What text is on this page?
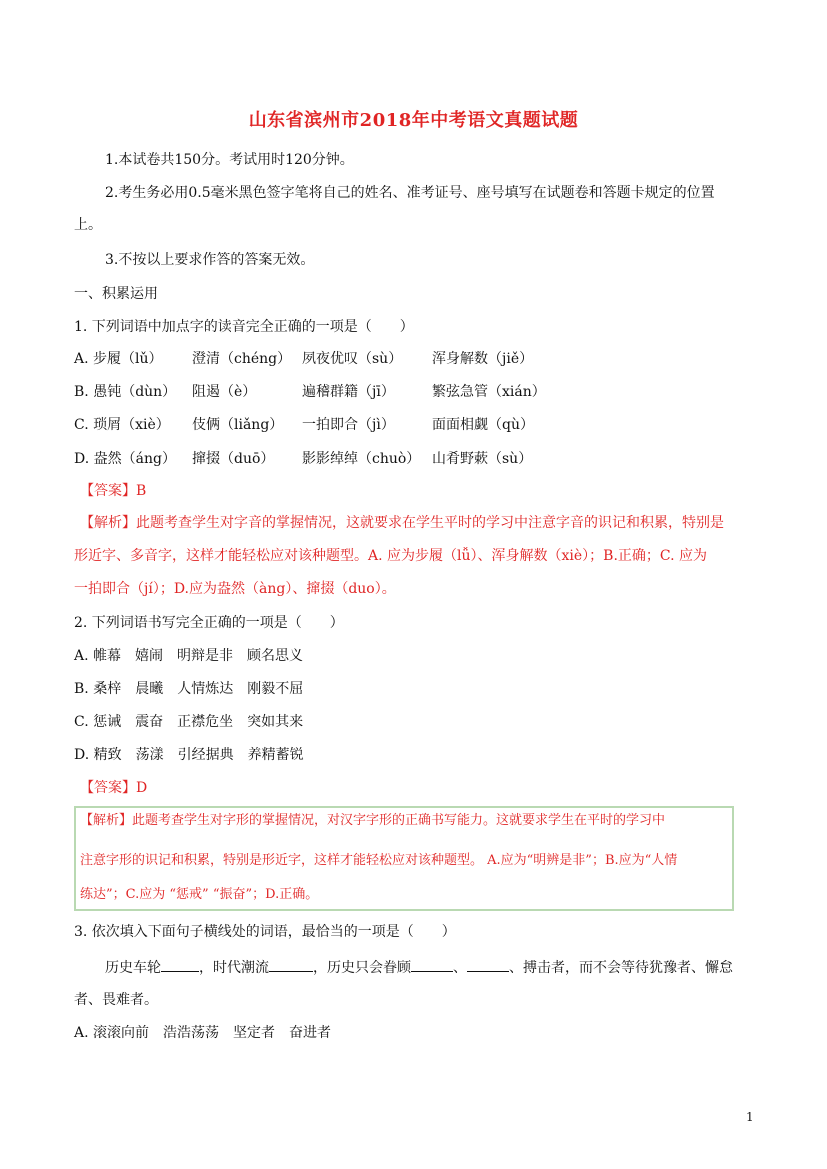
山东省滨州市2018年中考语文真题试题
1.本试卷共150分。考试用时120分钟。
2.考生务必用0.5毫米黑色签字笔将自己的姓名、准考证号、座号填写在试题卷和答题卡规定的位置
上。
3.不按以上要求作答的答案无效。
一、积累运用
1. 下列词语中加点字的读音完全正确的一项是（　　）
A. 步履（lǔ） 澄清（chéng） 夙夜优叹（sù） 浑身解数（jiě）
B. 愚钝（dùn） 阻遏（è）	遍稽群籍（jī）	繁弦急管（xián）
C. 琐屑（xiè） 伎俩（liǎng） 一拍即合（jì）	面面相觑（qù）
D. 盎然（áng） 撺掇（duō） 影影绰绰（chuò） 山肴野蔌（sù）
【答案】B
【解析】此题考查学生对字音的掌握情况，这就要求在学生平时的学习中注意字音的识记和积累，特别是
形近字、多音字，这样才能轻松应对该种题型。A. 应为步履（lǚ）、浑身解数（xiè）；B.正确；C. 应为
一拍即合（jí）；D.应为盎然（àng）、撺掇（duo）。
2. 下列词语书写完全正确的一项是（　　）
A. 帷幕　嬉闹　明辩是非　顾名思义
B. 桑梓　晨曦　人情炼达　刚毅不屈
C. 惩诫　震奋　正襟危坐　突如其来
D. 精致　荡漾　引经据典　养精蓄锐
【答案】D
【解析】此题考查学生对字形的掌握情况，对汉字字形的正确书写能力。这就要求学生在平时的学习中
注意字形的识记和积累，特别是形近字，这样才能轻松应对该种题型。 A.应为“明辨是非”；B.应为“人情
练达”；C.应为 “惩戒” “振奋”；D.正确。
3. 依次填入下面句子横线处的词语，最恰当的一项是（　　）
历史车轮	，时代潮流	，历史只会眷顾	、	、搏击者，而不会等待犹豫者、懈怠
者、畏难者。
A. 滚滚向前　浩浩荡荡　坚定者　奋进者
1
